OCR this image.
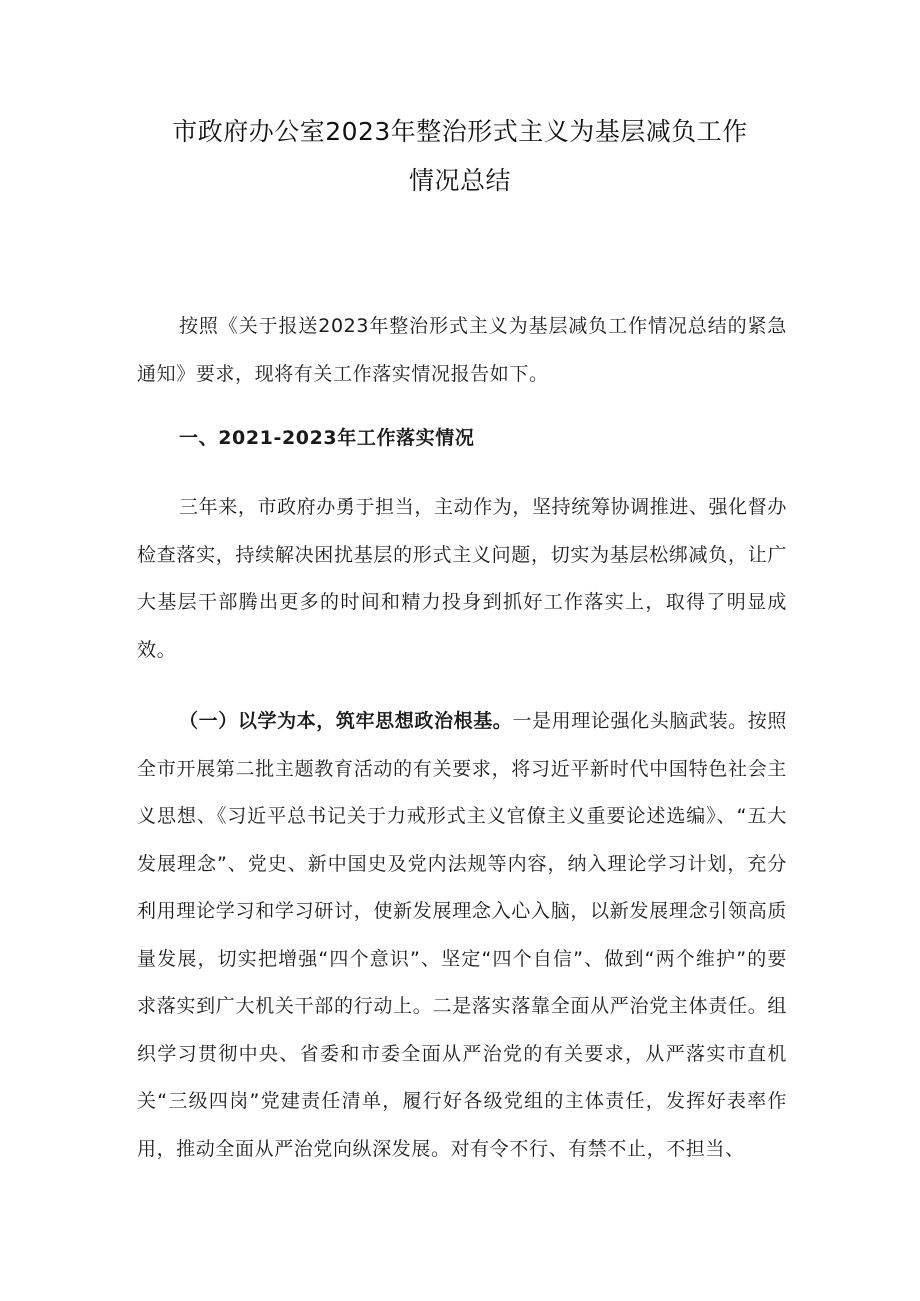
市政府办公室2023年整治形式主义为基层减负工作
情况总结
按照《关于报送2023年整治形式主义为基层减负工作情况总结的紧急通知》要求，现将有关工作落实情况报告如下。
一、2021-2023年工作落实情况
三年来，市政府办勇于担当，主动作为，坚持统筹协调推进、强化督办检查落实，持续解决困扰基层的形式主义问题，切实为基层松绑减负，让广大基层干部腾出更多的时间和精力投身到抓好工作落实上，取得了明显成效。
（一）以学为本，筑牢思想政治根基。一是用理论强化头脑武装。按照全市开展第二批主题教育活动的有关要求，将习近平新时代中国特色社会主义思想、《习近平总书记关于力戒形式主义官僚主义重要论述选编》、“五大发展理念”、党史、新中国史及党内法规等内容，纳入理论学习计划，充分利用理论学习和学习研讨，使新发展理念入心入脑，以新发展理念引领高质量发展，切实把增强“四个意识”、坚定“四个自信”、做到“两个维护”的要求落实到广大机关干部的行动上。二是落实落靠全面从严治党主体责任。组织学习贯彻中央、省委和市委全面从严治党的有关要求，从严落实市直机关“三级四岗”党建责任清单，履行好各级党组的主体责任，发挥好表率作用，推动全面从严治党向纵深发展。对有令不行、有禁不止，不担当、
